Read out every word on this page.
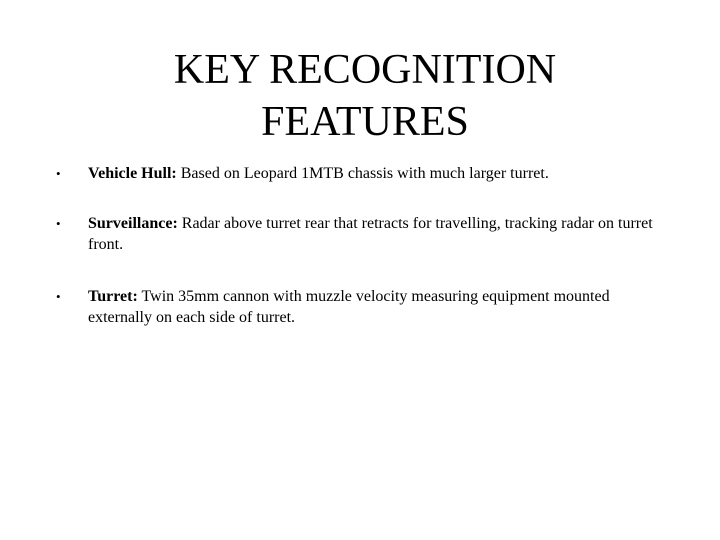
KEY RECOGNITION
FEATURES
•	Vehicle Hull: Based on Leopard 1MTB chassis with much larger turret.
•	Surveillance: Radar above turret rear that retracts for travelling, tracking radar on turret front.
•	Turret: Twin 35mm cannon with muzzle velocity measuring equipment mounted externally on each side of turret.
